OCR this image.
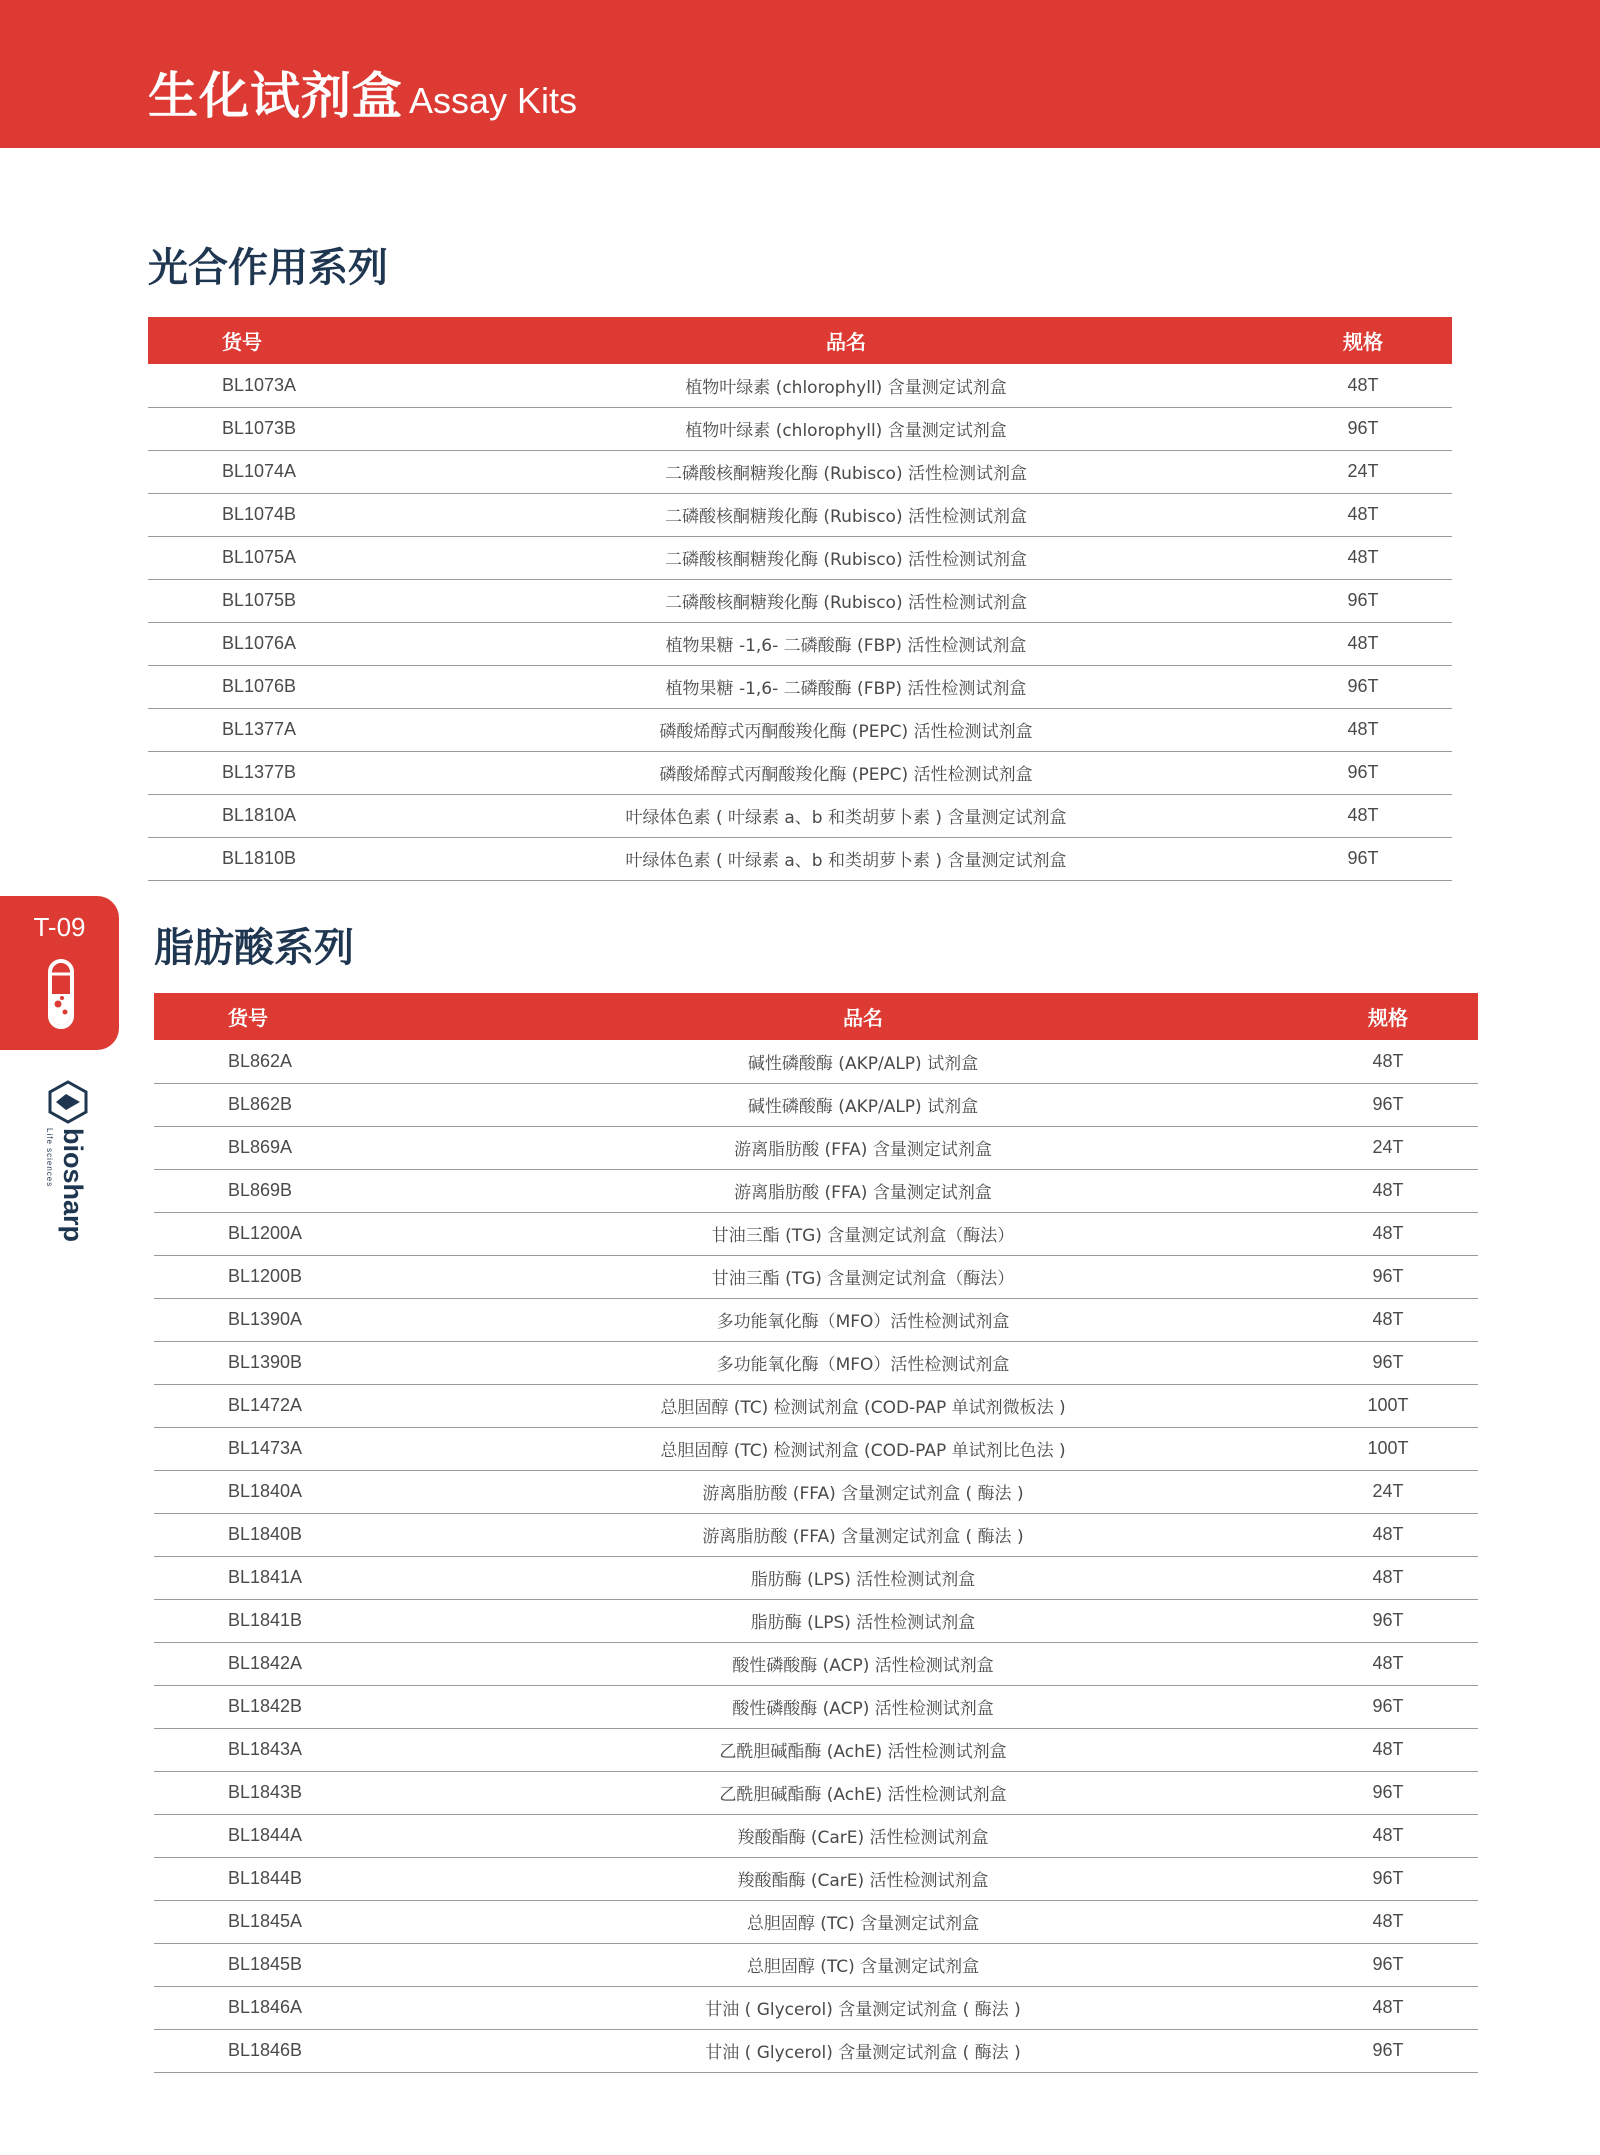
生化试剂盒 Assay Kits
光合作用系列
货号	品名	规格
BL1073A	植物叶绿素 (chlorophyll) 含量测定试剂盒	48T
BL1073B	植物叶绿素 (chlorophyll) 含量测定试剂盒	96T
BL1074A	二磷酸核酮糖羧化酶 (Rubisco) 活性检测试剂盒	24T
BL1074B	二磷酸核酮糖羧化酶 (Rubisco) 活性检测试剂盒	48T
BL1075A	二磷酸核酮糖羧化酶 (Rubisco) 活性检测试剂盒	48T
BL1075B	二磷酸核酮糖羧化酶 (Rubisco) 活性检测试剂盒	96T
BL1076A	植物果糖 -1,6- 二磷酸酶 (FBP) 活性检测试剂盒	48T
BL1076B	植物果糖 -1,6- 二磷酸酶 (FBP) 活性检测试剂盒	96T
BL1377A	磷酸烯醇式丙酮酸羧化酶 (PEPC) 活性检测试剂盒	48T
BL1377B	磷酸烯醇式丙酮酸羧化酶 (PEPC) 活性检测试剂盒	96T
BL1810A	叶绿体色素 ( 叶绿素 a、b 和类胡萝卜素 ) 含量测定试剂盒	48T
BL1810B	叶绿体色素 ( 叶绿素 a、b 和类胡萝卜素 ) 含量测定试剂盒	96T
脂肪酸系列
货号	品名	规格
BL862A	碱性磷酸酶 (AKP/ALP) 试剂盒	48T
BL862B	碱性磷酸酶 (AKP/ALP) 试剂盒	96T
BL869A	游离脂肪酸 (FFA) 含量测定试剂盒	24T
BL869B	游离脂肪酸 (FFA) 含量测定试剂盒	48T
BL1200A	甘油三酯 (TG) 含量测定试剂盒（酶法）	48T
BL1200B	甘油三酯 (TG) 含量测定试剂盒（酶法）	96T
BL1390A	多功能氧化酶（MFO）活性检测试剂盒	48T
BL1390B	多功能氧化酶（MFO）活性检测试剂盒	96T
BL1472A	总胆固醇 (TC) 检测试剂盒 (COD-PAP 单试剂微板法 )	100T
BL1473A	总胆固醇 (TC) 检测试剂盒 (COD-PAP 单试剂比色法 )	100T
BL1840A	游离脂肪酸 (FFA) 含量测定试剂盒 ( 酶法 )	24T
BL1840B	游离脂肪酸 (FFA) 含量测定试剂盒 ( 酶法 )	48T
BL1841A	脂肪酶 (LPS) 活性检测试剂盒	48T
BL1841B	脂肪酶 (LPS) 活性检测试剂盒	96T
BL1842A	酸性磷酸酶 (ACP) 活性检测试剂盒	48T
BL1842B	酸性磷酸酶 (ACP) 活性检测试剂盒	96T
BL1843A	乙酰胆碱酯酶 (AchE) 活性检测试剂盒	48T
BL1843B	乙酰胆碱酯酶 (AchE) 活性检测试剂盒	96T
BL1844A	羧酸酯酶 (CarE) 活性检测试剂盒	48T
BL1844B	羧酸酯酶 (CarE) 活性检测试剂盒	96T
BL1845A	总胆固醇 (TC) 含量测定试剂盒	48T
BL1845B	总胆固醇 (TC) 含量测定试剂盒	96T
BL1846A	甘油 ( Glycerol) 含量测定试剂盒 ( 酶法 )	48T
BL1846B	甘油 ( Glycerol) 含量测定试剂盒 ( 酶法 )	96T
T-09
biosharp
Life sciences
